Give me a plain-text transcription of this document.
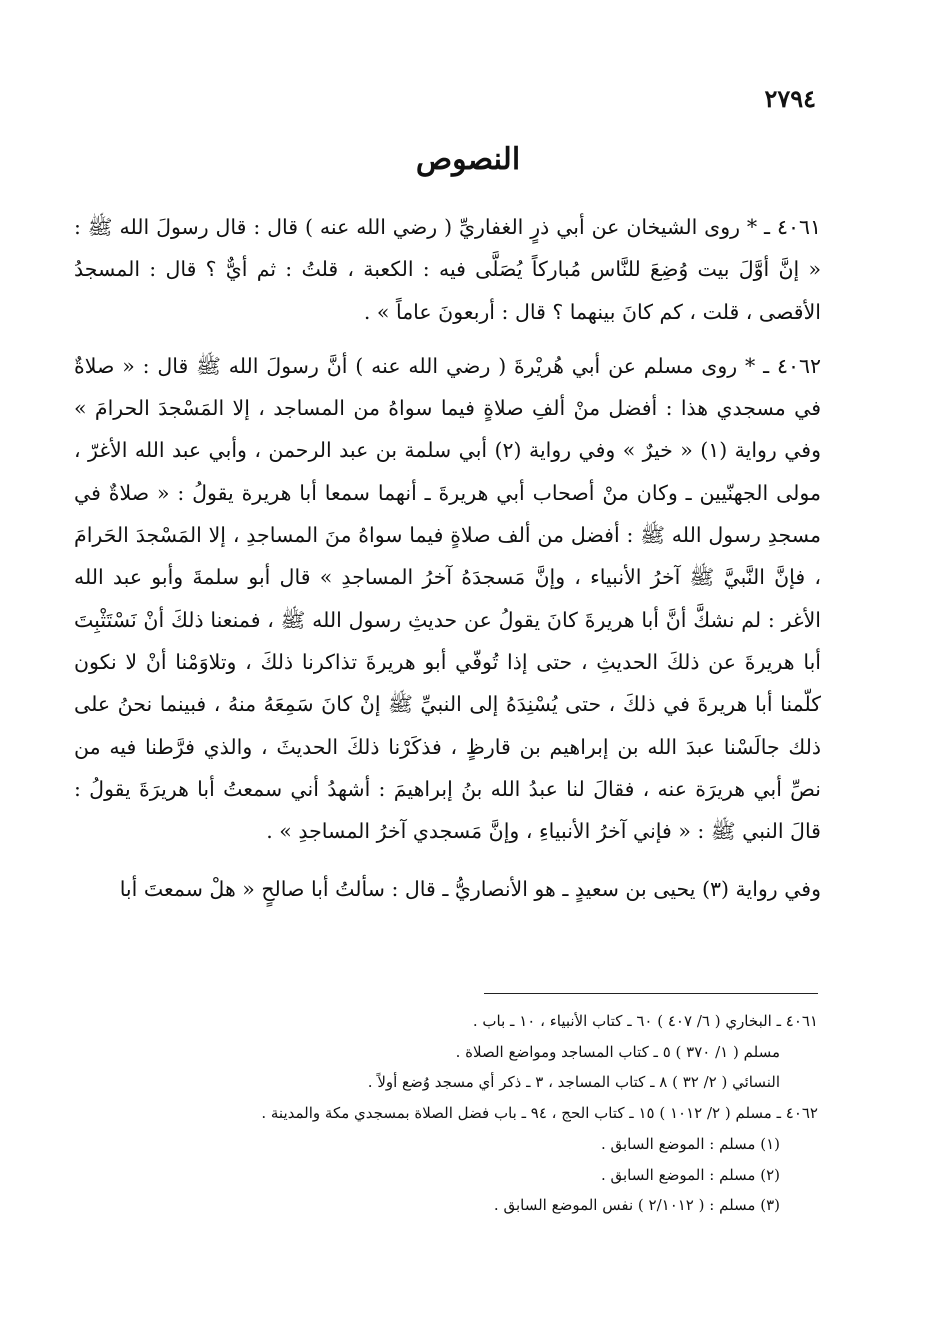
٢٧٩٤
النصوص

٤٠٦١ ـ * روى الشيخان عن أبي ذرٍ الغفاريِّ ( رضي الله عنه ) قال : قال رسولَ الله ﷺ : « إنَّ أوَّلَ بيت وُضِعَ للنَّاس مُباركاً يُصَلَّى فيه : الكعبة ، قلتُ : ثم أيٌّ ؟ قال : المسجدُ الأقصى ، قلت ، كم كانَ بينهما ؟ قال : أربعونَ عاماً » .

٤٠٦٢ ـ * روى مسلم عن أبي هُريْرةَ ( رضي الله عنه ) أنَّ رسولَ الله ﷺ قال : « صلاةٌ في مسجدي هذا : أفضل منْ ألفِ صلاةٍ فيما سواهُ من المساجد ، إلا المَسْجدَ الحرامَ » وفي رواية (١) « خيرٌ » وفي رواية (٢) أبي سلمة بن عبد الرحمن ، وأبي عبد الله الأغرّ ، مولى الجهنّيين ـ وكان منْ أصحاب أبي هريرةَ ـ أنهما سمعا أبا هريرة يقولُ : « صلاةٌ في مسجدِ رسول الله ﷺ : أفضل من ألف صلاةٍ فيما سواهُ منَ المساجدِ ، إلا المَسْجدَ الحَرامَ ، فإنَّ النَّبيَّ ﷺ آخرُ الأنبياء ، وإنَّ مَسجدَهُ آخرُ المساجدِ » قال أبو سلمةَ وأبو عبد الله الأغر : لم نشكَّ أنَّ أبا هريرةَ كانَ يقولُ عن حديثِ رسول الله ﷺ ، فمنعنا ذلكَ أنْ نَسْتَثْبِتَ أبا هريرةَ عن ذلكَ الحديثِ ، حتى إذا تُوفّي أبو هريرةَ تذاكرنا ذلكَ ، وتلاوَمْنا أنْ لا نكون كلّمنا أبا هريرةَ في ذلكَ ، حتى يُسْنِدَهُ إلى النبيِّ ﷺ إنْ كانَ سَمِعَهُ منهُ ، فبينما نحنُ على ذلك جالَسْنا عبدَ الله بن إبراهيم بن قارظٍ ، فذكَرْنا ذلكَ الحديثَ ، والذي فرَّطنا فيه من نصِّ أبي هريرَة عنه ، فقالَ لنا عبدُ الله بنُ إبراهيمَ : أشهدُ أني سمعتُ أبا هريرَةَ يقولُ : قالَ النبي ﷺ : « فإني آخرُ الأنبياءِ ، وإنَّ مَسجدي آخرُ المساجدِ » .

وفي رواية (٣) يحيى بن سعيدٍ ـ هو الأنصاريُّ ـ قال : سألتُ أبا صالحٍ « هلْ سمعتَ أبا

٤٠٦١ ـ البخاري ( ٦/ ٤٠٧ ) ٦٠ ـ كتاب الأنبياء ، ١٠ ـ باب .

مسلم ( ١/ ٣٧٠ ) ٥ ـ كتاب المساجد ومواضع الصلاة .

النسائي ( ٢/ ٣٢ ) ٨ ـ كتاب المساجد ، ٣ ـ ذكر أي مسجد وُضع أولاً .

٤٠٦٢ ـ مسلم ( ٢/ ١٠١٢ ) ١٥ ـ كتاب الحج ، ٩٤ ـ باب فضل الصلاة بمسجدي مكة والمدينة .

(١) مسلم : الموضع السابق .

(٢) مسلم : الموضع السابق .

(٣) مسلم : ( ٢/١٠١٢ ) نفس الموضع السابق .
